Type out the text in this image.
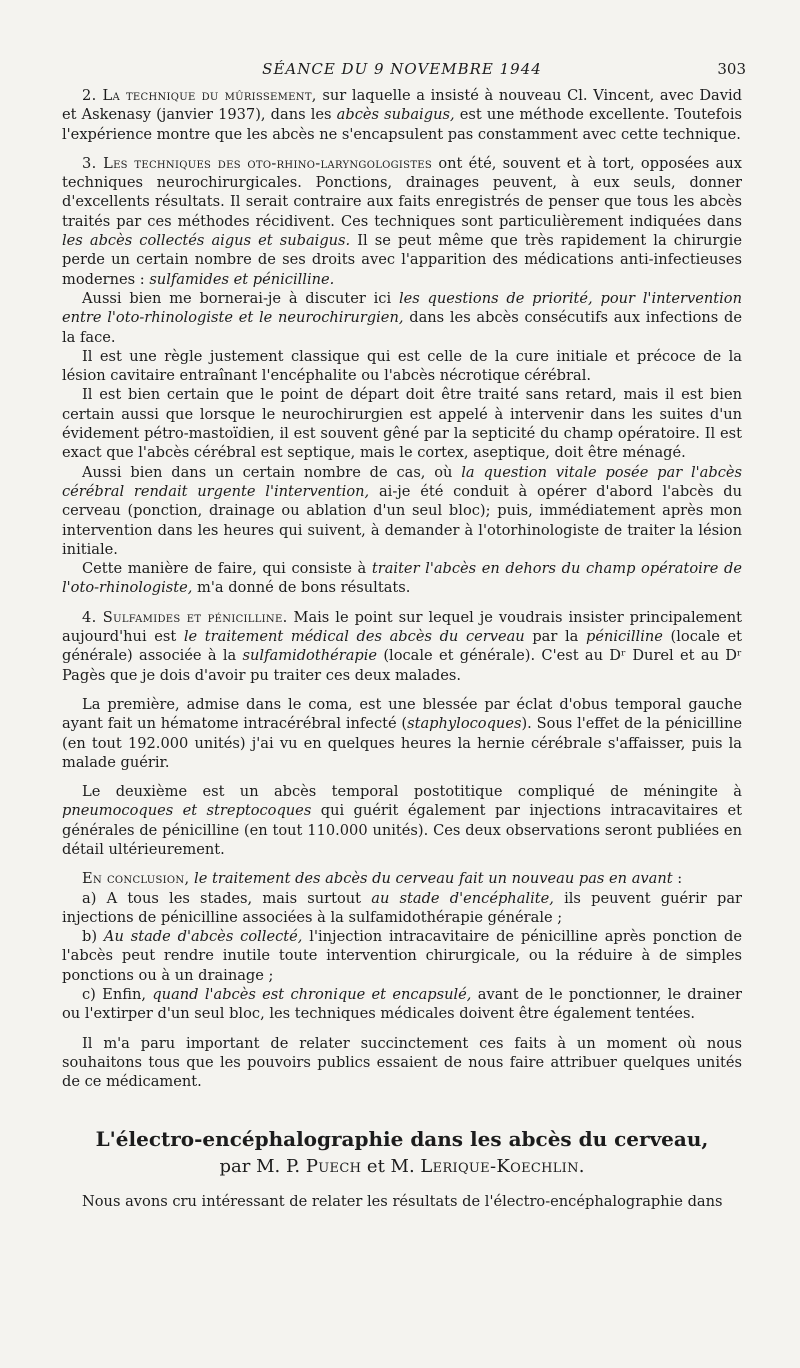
SÉANCE DU 9 NOVEMBRE 1944	303

2. La technique du mûrissement, sur laquelle a insisté à nouveau Cl. Vincent, avec David et Askenasy (janvier 1937), dans les abcès subaigus, est une méthode excellente. Toutefois l'expérience montre que les abcès ne s'encapsulent pas constamment avec cette technique.

3. Les techniques des oto-rhino-laryngologistes ont été, souvent et à tort, opposées aux techniques neurochirurgicales. Ponctions, drainages peuvent, à eux seuls, donner d'excellents résultats. Il serait contraire aux faits enregistrés de penser que tous les abcès traités par ces méthodes récidivent. Ces techniques sont particulièrement indiquées dans les abcès collectés aigus et subaigus. Il se peut même que très rapidement la chirurgie perde un certain nombre de ses droits avec l'apparition des médications anti-infectieuses modernes : sulfamides et pénicilline.

Aussi bien me bornerai-je à discuter ici les questions de priorité, pour l'intervention entre l'oto-rhinologiste et le neurochirurgien, dans les abcès consécutifs aux infections de la face.

Il est une règle justement classique qui est celle de la cure initiale et précoce de la lésion cavitaire entraînant l'encéphalite ou l'abcès nécrotique cérébral.

Il est bien certain que le point de départ doit être traité sans retard, mais il est bien certain aussi que lorsque le neurochirurgien est appelé à intervenir dans les suites d'un évidement pétro-mastoïdien, il est souvent gêné par la septicité du champ opératoire. Il est exact que l'abcès cérébral est septique, mais le cortex, aseptique, doit être ménagé.

Aussi bien dans un certain nombre de cas, où la question vitale posée par l'abcès cérébral rendait urgente l'intervention, ai-je été conduit à opérer d'abord l'abcès du cerveau (ponction, drainage ou ablation d'un seul bloc); puis, immédiatement après mon intervention dans les heures qui suivent, à demander à l'otorhinologiste de traiter la lésion initiale.

Cette manière de faire, qui consiste à traiter l'abcès en dehors du champ opératoire de l'oto-rhinologiste, m'a donné de bons résultats.

4. Sulfamides et pénicilline. Mais le point sur lequel je voudrais insister principalement aujourd'hui est le traitement médical des abcès du cerveau par la pénicilline (locale et générale) associée à la sulfamidothérapie (locale et générale). C'est au Dʳ Durel et au Dʳ Pagès que je dois d'avoir pu traiter ces deux malades.

La première, admise dans le coma, est une blessée par éclat d'obus temporal gauche ayant fait un hématome intracérébral infecté (staphylocoques). Sous l'effet de la pénicilline (en tout 192.000 unités) j'ai vu en quelques heures la hernie cérébrale s'affaisser, puis la malade guérir.

Le deuxième est un abcès temporal postotitique compliqué de méningite à pneumocoques et streptocoques qui guérit également par injections intracavitaires et générales de pénicilline (en tout 110.000 unités). Ces deux observations seront publiées en détail ultérieurement.

En conclusion, le traitement des abcès du cerveau fait un nouveau pas en avant :

a) A tous les stades, mais surtout au stade d'encéphalite, ils peuvent guérir par injections de pénicilline associées à la sulfamidothérapie générale ;

b) Au stade d'abcès collecté, l'injection intracavitaire de pénicilline après ponction de l'abcès peut rendre inutile toute intervention chirurgicale, ou la réduire à de simples ponctions ou à un drainage ;

c) Enfin, quand l'abcès est chronique et encapsulé, avant de le ponctionner, le drainer ou l'extirper d'un seul bloc, les techniques médicales doivent être également tentées.

Il m'a paru important de relater succinctement ces faits à un moment où nous souhaitons tous que les pouvoirs publics essaient de nous faire attribuer quelques unités de ce médicament.

L'électro-encéphalographie dans les abcès du cerveau,
par M. P. Puech et M. Lerique-Koechlin.

Nous avons cru intéressant de relater les résultats de l'électro-encéphalographie dans
